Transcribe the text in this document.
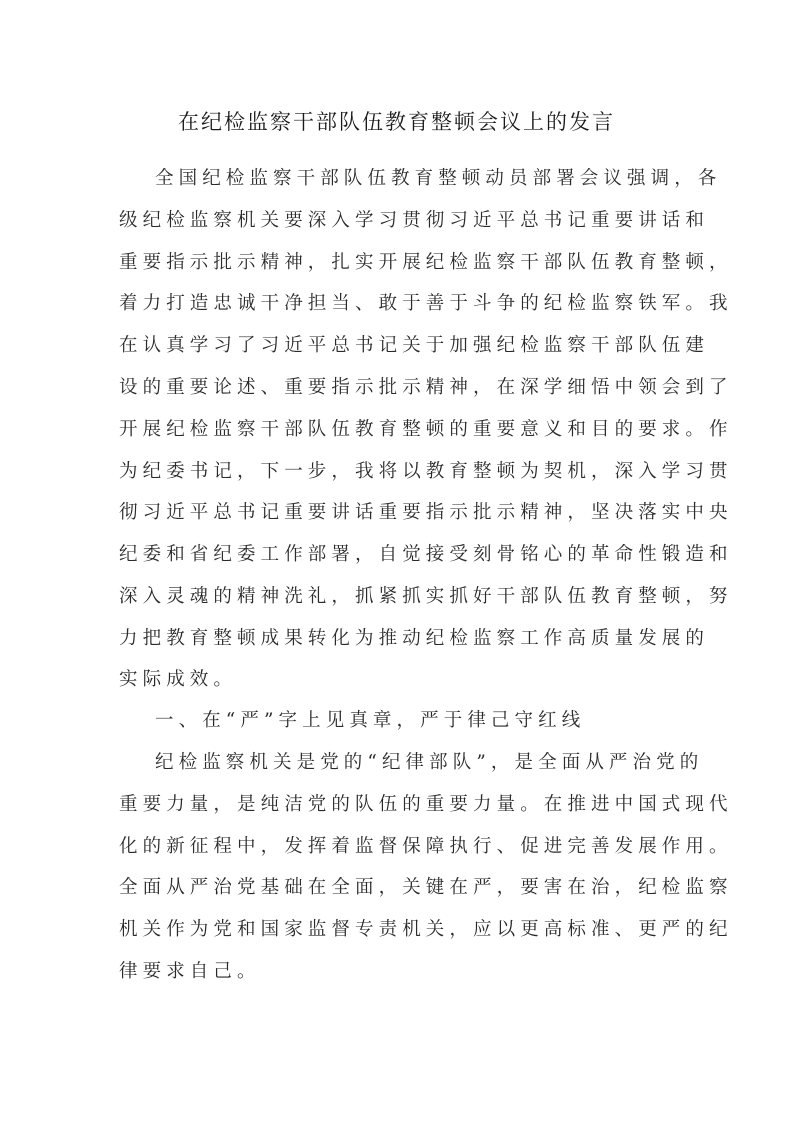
在纪检监察干部队伍教育整顿会议上的发言
全国纪检监察干部队伍教育整顿动员部署会议强调，各
级纪检监察机关要深入学习贯彻习近平总书记重要讲话和
重要指示批示精神，扎实开展纪检监察干部队伍教育整顿，
着力打造忠诚干净担当、敢于善于斗争的纪检监察铁军。我
在认真学习了习近平总书记关于加强纪检监察干部队伍建
设的重要论述、重要指示批示精神，在深学细悟中领会到了
开展纪检监察干部队伍教育整顿的重要意义和目的要求。作
为纪委书记，下一步，我将以教育整顿为契机，深入学习贯
彻习近平总书记重要讲话重要指示批示精神，坚决落实中央
纪委和省纪委工作部署，自觉接受刻骨铭心的革命性锻造和
深入灵魂的精神洗礼，抓紧抓实抓好干部队伍教育整顿，努
力把教育整顿成果转化为推动纪检监察工作高质量发展的
实际成效。
一、在“严”字上见真章，严于律己守红线
纪检监察机关是党的“纪律部队”，是全面从严治党的
重要力量，是纯洁党的队伍的重要力量。在推进中国式现代
化的新征程中，发挥着监督保障执行、促进完善发展作用。
全面从严治党基础在全面，关键在严，要害在治，纪检监察
机关作为党和国家监督专责机关，应以更高标准、更严的纪
律要求自己。
